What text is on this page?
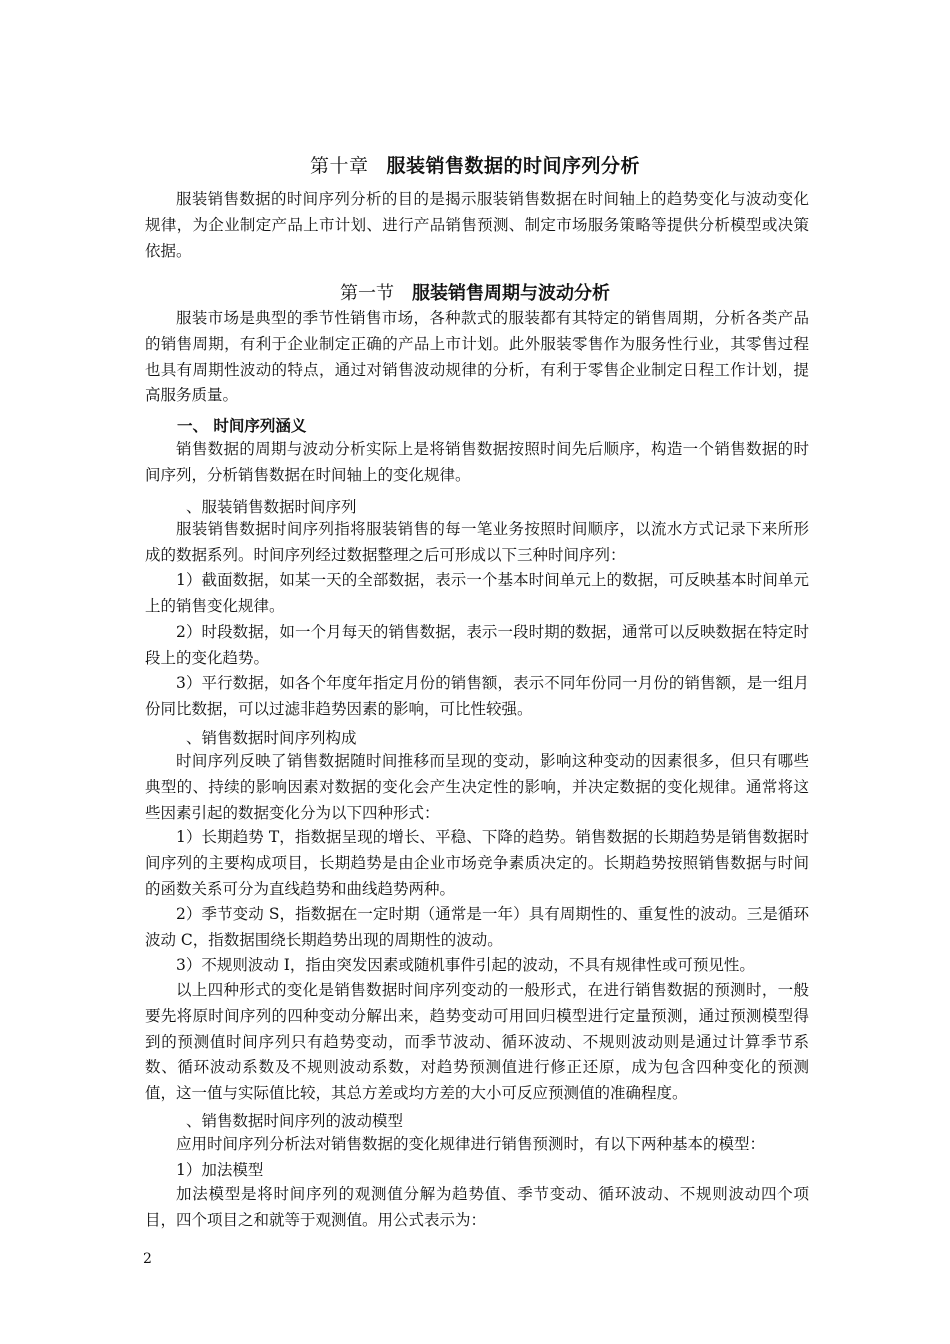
第十章 服装销售数据的时间序列分析
服装销售数据的时间序列分析的目的是揭示服装销售数据在时间轴上的趋势变化与波动变化规律，为企业制定产品上市计划、进行产品销售预测、制定市场服务策略等提供分析模型或决策依据。
第一节 服装销售周期与波动分析
服装市场是典型的季节性销售市场，各种款式的服装都有其特定的销售周期，分析各类产品的销售周期，有利于企业制定正确的产品上市计划。此外服装零售作为服务性行业，其零售过程也具有周期性波动的特点，通过对销售波动规律的分析，有利于零售企业制定日程工作计划，提高服务质量。
一、 时间序列涵义
销售数据的周期与波动分析实际上是将销售数据按照时间先后顺序，构造一个销售数据的时间序列，分析销售数据在时间轴上的变化规律。
、服装销售数据时间序列
服装销售数据时间序列指将服装销售的每一笔业务按照时间顺序，以流水方式记录下来所形成的数据系列。时间序列经过数据整理之后可形成以下三种时间序列：
1）截面数据，如某一天的全部数据，表示一个基本时间单元上的数据，可反映基本时间单元上的销售变化规律。
2）时段数据，如一个月每天的销售数据，表示一段时期的数据，通常可以反映数据在特定时段上的变化趋势。
3）平行数据，如各个年度年指定月份的销售额，表示不同年份同一月份的销售额，是一组月份同比数据，可以过滤非趋势因素的影响，可比性较强。
、销售数据时间序列构成
时间序列反映了销售数据随时间推移而呈现的变动，影响这种变动的因素很多，但只有哪些典型的、持续的影响因素对数据的变化会产生决定性的影响，并决定数据的变化规律。通常将这些因素引起的数据变化分为以下四种形式：
1）长期趋势 T，指数据呈现的增长、平稳、下降的趋势。销售数据的长期趋势是销售数据时间序列的主要构成项目，长期趋势是由企业市场竞争素质决定的。长期趋势按照销售数据与时间的函数关系可分为直线趋势和曲线趋势两种。
2）季节变动 S，指数据在一定时期（通常是一年）具有周期性的、重复性的波动。三是循环波动 C，指数据围绕长期趋势出现的周期性的波动。
3）不规则波动 I，指由突发因素或随机事件引起的波动，不具有规律性或可预见性。
以上四种形式的变化是销售数据时间序列变动的一般形式，在进行销售数据的预测时，一般要先将原时间序列的四种变动分解出来，趋势变动可用回归模型进行定量预测，通过预测模型得到的预测值时间序列只有趋势变动，而季节波动、循环波动、不规则波动则是通过计算季节系数、循环波动系数及不规则波动系数，对趋势预测值进行修正还原，成为包含四种变化的预测值，这一值与实际值比较，其总方差或均方差的大小可反应预测值的准确程度。
、销售数据时间序列的波动模型
应用时间序列分析法对销售数据的变化规律进行销售预测时，有以下两种基本的模型：
1）加法模型
加法模型是将时间序列的观测值分解为趋势值、季节变动、循环波动、不规则波动四个项目，四个项目之和就等于观测值。用公式表示为：
2
